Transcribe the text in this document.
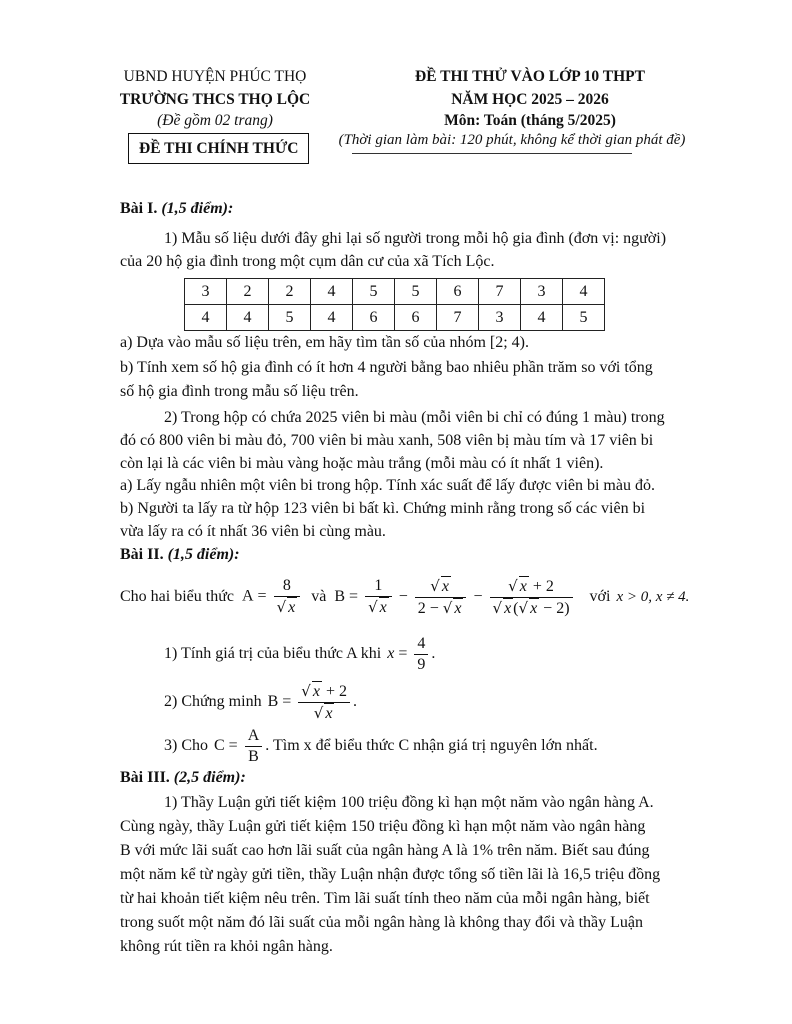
UBND HUYỆN PHÚC THỌ
TRƯỜNG THCS THỌ LỘC
(Đề gồm 02 trang)
ĐỀ THI CHÍNH THỨC
ĐỀ THI THỬ VÀO LỚP 10 THPT
NĂM HỌC 2025 – 2026
Môn: Toán (tháng 5/2025)
(Thời gian làm bài: 120 phút, không kể thời gian phát đề)
Bài I. (1,5 điểm):
1) Mẫu số liệu dưới đây ghi lại số người trong mỗi hộ gia đình (đơn vị: người)
của 20 hộ gia đình trong một cụm dân cư của xã Tích Lộc.
3	2	2	4	5	5	6	7	3	4
4	4	5	4	6	6	7	3	4	5
a) Dựa vào mẫu số liệu trên, em hãy tìm tần số của nhóm [2; 4).
b) Tính xem số hộ gia đình có ít hơn 4 người bằng bao nhiêu phần trăm so với tổng
số hộ gia đình trong mẫu số liệu trên.
2) Trong hộp có chứa 2025 viên bi màu (mỗi viên bi chỉ có đúng 1 màu) trong
đó có 800 viên bi màu đỏ, 700 viên bi màu xanh, 508 viên bị màu tím và 17 viên bi
còn lại là các viên bi màu vàng hoặc màu trắng (mỗi màu có ít nhất 1 viên).
a) Lấy ngẫu nhiên một viên bi trong hộp. Tính xác suất để lấy được viên bi màu đỏ.
b) Người ta lấy ra từ hộp 123 viên bi bất kì. Chứng minh rằng trong số các viên bi
vừa lấy ra có ít nhất 36 viên bi cùng màu.
Bài II. (1,5 điểm):
Cho hai biểu thức $A = \frac{8}{√ x}$ và $B = \frac{1}{√ x} - \frac{√ x}{2 - √ x} - \frac{√ x + 2}{√ x (√ x - 2)}$ với x > 0, x ≠ 4.
1) Tính giá trị của biểu thức A khi $x = \frac{4}{9}$ .
2) Chứng minh $B = \frac{√ x + 2}{√ x}$ .
3) Cho $C = \frac{A}{B}$ . Tìm x để biểu thức C nhận giá trị nguyên lớn nhất.
Bài III. (2,5 điểm):
1) Thầy Luận gửi tiết kiệm 100 triệu đồng kì hạn một năm vào ngân hàng A.
Cùng ngày, thầy Luận gửi tiết kiệm 150 triệu đồng kì hạn một năm vào ngân hàng
B với mức lãi suất cao hơn lãi suất của ngân hàng A là 1% trên năm. Biết sau đúng
một năm kể từ ngày gửi tiền, thầy Luận nhận được tổng số tiền lãi là 16,5 triệu đồng
từ hai khoản tiết kiệm nêu trên. Tìm lãi suất tính theo năm của mỗi ngân hàng, biết
trong suốt một năm đó lãi suất của mỗi ngân hàng là không thay đổi và thầy Luận
không rút tiền ra khỏi ngân hàng.
